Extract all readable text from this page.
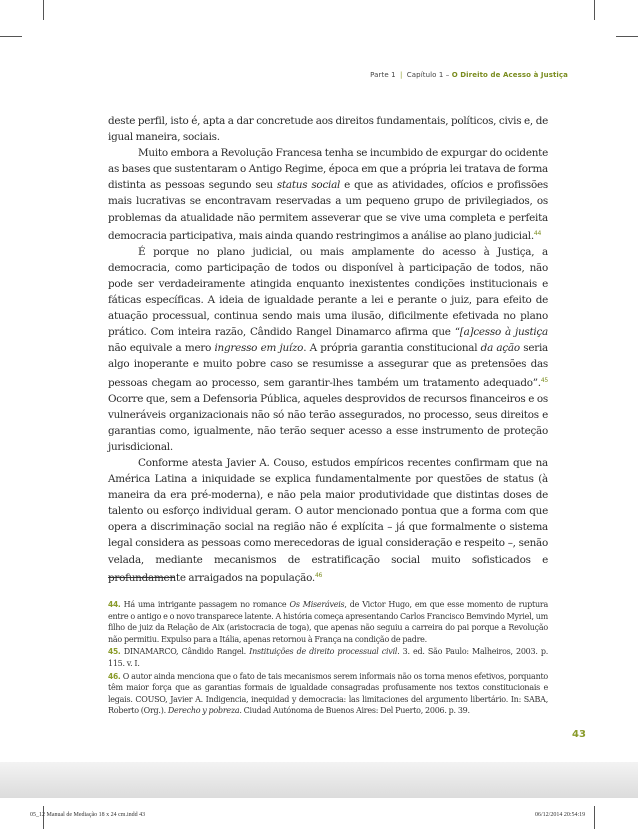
Parte 1 | Capítulo 1 – O Direito de Acesso à Justiça

deste perfil, isto é, apta a dar concretude aos direitos fundamentais, políticos, civis e, de igual maneira, sociais.

Muito embora a Revolução Francesa tenha se incumbido de expurgar do ocidente as bases que sustentaram o Antigo Regime, época em que a própria lei tratava de forma distinta as pessoas segundo seu status social e que as atividades, ofícios e profissões mais lucrativas se encontravam reservadas a um pequeno grupo de privilegiados, os problemas da atualidade não permitem asseverar que se vive uma completa e perfeita democracia participativa, mais ainda quando restringimos a análise ao plano judicial.$^{44}$

É porque no plano judicial, ou mais amplamente do acesso à Justiça, a democracia, como participação de todos ou disponível à participação de todos, não pode ser verdadeiramente atingida enquanto inexistentes condições institucionais e fáticas específicas. A ideia de igualdade perante a lei e perante o juiz, para efeito de atuação processual, continua sendo mais uma ilusão, dificilmente efetivada no plano prático. Com inteira razão, Cândido Rangel Dinamarco afirma que “[a]cesso à justiça não equivale a mero ingresso em juízo. A própria garantia constitucional da ação seria algo inoperante e muito pobre caso se resumisse a assegurar que as pretensões das pessoas chegam ao processo, sem garantir-lhes também um tratamento adequado”.$^{45}$ Ocorre que, sem a Defensoria Pública, aqueles desprovidos de recursos financeiros e os vulneráveis organizacionais não só não terão assegurados, no processo, seus direitos e garantias como, igualmente, não terão sequer acesso a esse instrumento de proteção jurisdicional.

Conforme atesta Javier A. Couso, estudos empíricos recentes confirmam que na América Latina a iniquidade se explica fundamentalmente por questões de status (à maneira da era pré-moderna), e não pela maior produtividade que distintas doses de talento ou esforço individual geram. O autor mencionado pontua que a forma com que opera a discriminação social na região não é explícita – já que formalmente o sistema legal considera as pessoas como merecedoras de igual consideração e respeito –, senão velada, mediante mecanismos de estratificação social muito sofisticados e profundamente arraigados na população.$^{46}$

44. Há uma intrigante passagem no romance Os Miseráveis, de Victor Hugo, em que esse momento de ruptura entre o antigo e o novo transparece latente. A história começa apresentando Carlos Francisco Bemvindo Myriel, um filho de juiz da Relação de Aix (aristocracia de toga), que apenas não seguiu a carreira do pai porque a Revolução não permitiu. Expulso para a Itália, apenas retornou à França na condição de padre.

45. DINAMARCO, Cândido Rangel. Instituições de direito processual civil. 3. ed. São Paulo: Malheiros, 2003. p. 115. v. I.

46. O autor ainda menciona que o fato de tais mecanismos serem informais não os torna menos efetivos, porquanto têm maior força que as garantias formais de igualdade consagradas profusamente nos textos constitucionais e legais. COUSO, Javier A. Indigencia, inequidad y democracia: las limitaciones del argumento libertário. In: SABA, Roberto (Org.). Derecho y pobreza. Ciudad Autónoma de Buenos Aires: Del Puerto, 2006. p. 39.

43
05_12 Manual de Mediação 18 x 24 cm.indd 43	06/12/2014 20:54:19
